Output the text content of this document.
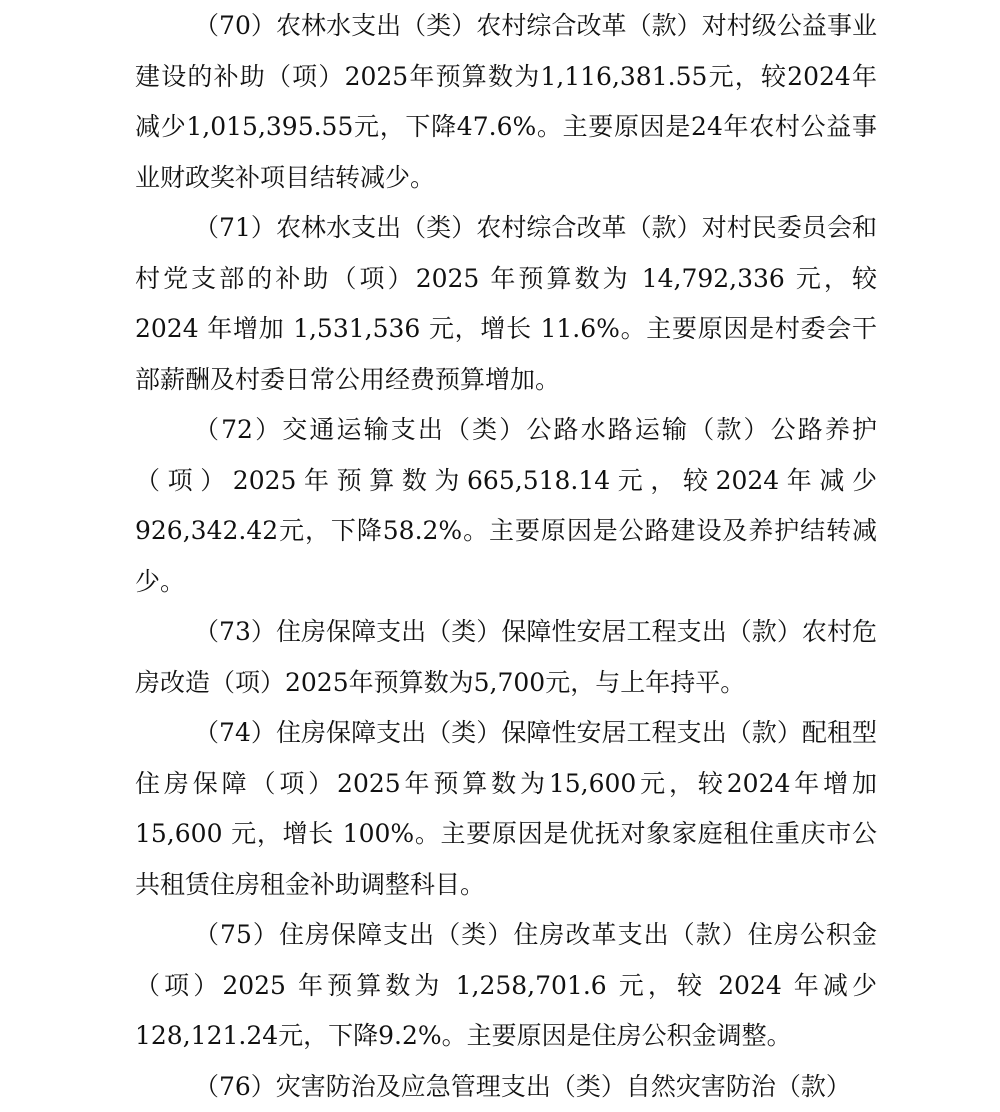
（70）农林水支出（类）农村综合改革（款）对村级公益事业建设的补助（项）2025年预算数为1,116,381.55元，较2024年减少1,015,395.55元，下降47.6%。主要原因是24年农村公益事业财政奖补项目结转减少。

（71）农林水支出（类）农村综合改革（款）对村民委员会和村党支部的补助（项）2025 年预算数为 14,792,336 元，较2024 年增加 1,531,536 元，增长 11.6%。主要原因是村委会干部薪酬及村委日常公用经费预算增加。

（72）交通运输支出（类）公路水路运输（款）公路养护（项）2025年预算数为665,518.14元，较2024年减少926,342.42元，下降58.2%。主要原因是公路建设及养护结转减少。

（73）住房保障支出（类）保障性安居工程支出（款）农村危房改造（项）2025年预算数为5,700元，与上年持平。

（74）住房保障支出（类）保障性安居工程支出（款）配租型住房保障（项）2025年预算数为15,600元，较2024年增加15,600 元，增长 100%。主要原因是优抚对象家庭租住重庆市公共租赁住房租金补助调整科目。

（75）住房保障支出（类）住房改革支出（款）住房公积金（项）2025 年预算数为 1,258,701.6 元，较 2024 年减少128,121.24元，下降9.2%。主要原因是住房公积金调整。

（76）灾害防治及应急管理支出（类）自然灾害防治（款）
